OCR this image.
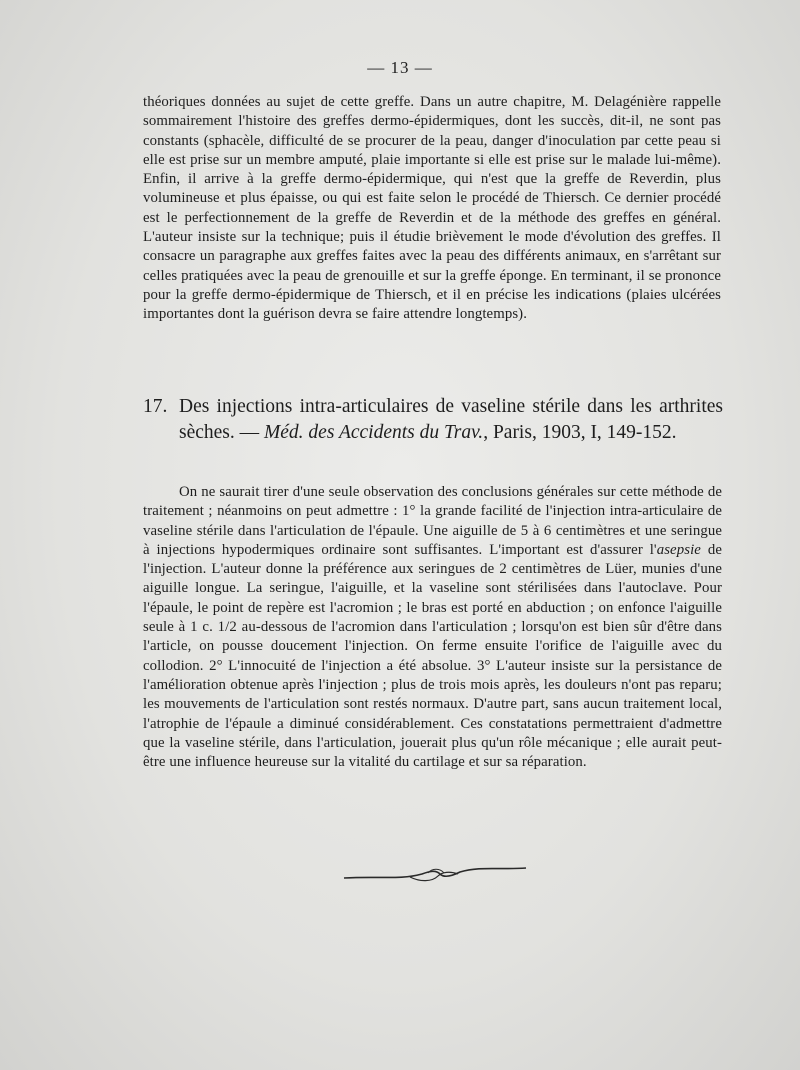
— 13 —

théoriques données au sujet de cette greffe. Dans un autre chapitre, M. Delagénière rappelle sommairement l'histoire des greffes dermo-épidermiques, dont les succès, dit-il, ne sont pas constants (sphacèle, difficulté de se procurer de la peau, danger d'inoculation par cette peau si elle est prise sur un membre amputé, plaie importante si elle est prise sur le malade lui-même). Enfin, il arrive à la greffe dermo-épidermique, qui n'est que la greffe de Reverdin, plus volumineuse et plus épaisse, ou qui est faite selon le procédé de Thiersch. Ce dernier procédé est le perfectionnement de la greffe de Reverdin et de la méthode des greffes en général. L'auteur insiste sur la technique; puis il étudie brièvement le mode d'évolution des greffes. Il consacre un paragraphe aux greffes faites avec la peau des différents animaux, en s'arrêtant sur celles pratiquées avec la peau de grenouille et sur la greffe éponge. En terminant, il se prononce pour la greffe dermo-épidermique de Thiersch, et il en précise les indications (plaies ulcérées importantes dont la guérison devra se faire attendre longtemps).

17. Des injections intra-articulaires de vaseline stérile dans les arthrites sèches. — Méd. des Accidents du Trav., Paris, 1903, I, 149-152.

On ne saurait tirer d'une seule observation des conclusions générales sur cette méthode de traitement ; néanmoins on peut admettre : 1° la grande facilité de l'injection intra-articulaire de vaseline stérile dans l'articulation de l'épaule. Une aiguille de 5 à 6 centimètres et une seringue à injections hypodermiques ordinaire sont suffisantes. L'important est d'assurer l'asepsie de l'injection. L'auteur donne la préférence aux seringues de 2 centimètres de Lüer, munies d'une aiguille longue. La seringue, l'aiguille, et la vaseline sont stérilisées dans l'autoclave. Pour l'épaule, le point de repère est l'acromion ; le bras est porté en abduction ; on enfonce l'aiguille seule à 1 c. 1/2 au-dessous de l'acromion dans l'articulation ; lorsqu'on est bien sûr d'être dans l'article, on pousse doucement l'injection. On ferme ensuite l'orifice de l'aiguille avec du collodion. 2° L'innocuité de l'injection a été absolue. 3° L'auteur insiste sur la persistance de l'amélioration obtenue après l'injection ; plus de trois mois après, les douleurs n'ont pas reparu; les mouvements de l'articulation sont restés normaux. D'autre part, sans aucun traitement local, l'atrophie de l'épaule a diminué considérablement. Ces constatations permettraient d'admettre que la vaseline stérile, dans l'articulation, jouerait plus qu'un rôle mécanique ; elle aurait peut-être une influence heureuse sur la vitalité du cartilage et sur sa réparation.
